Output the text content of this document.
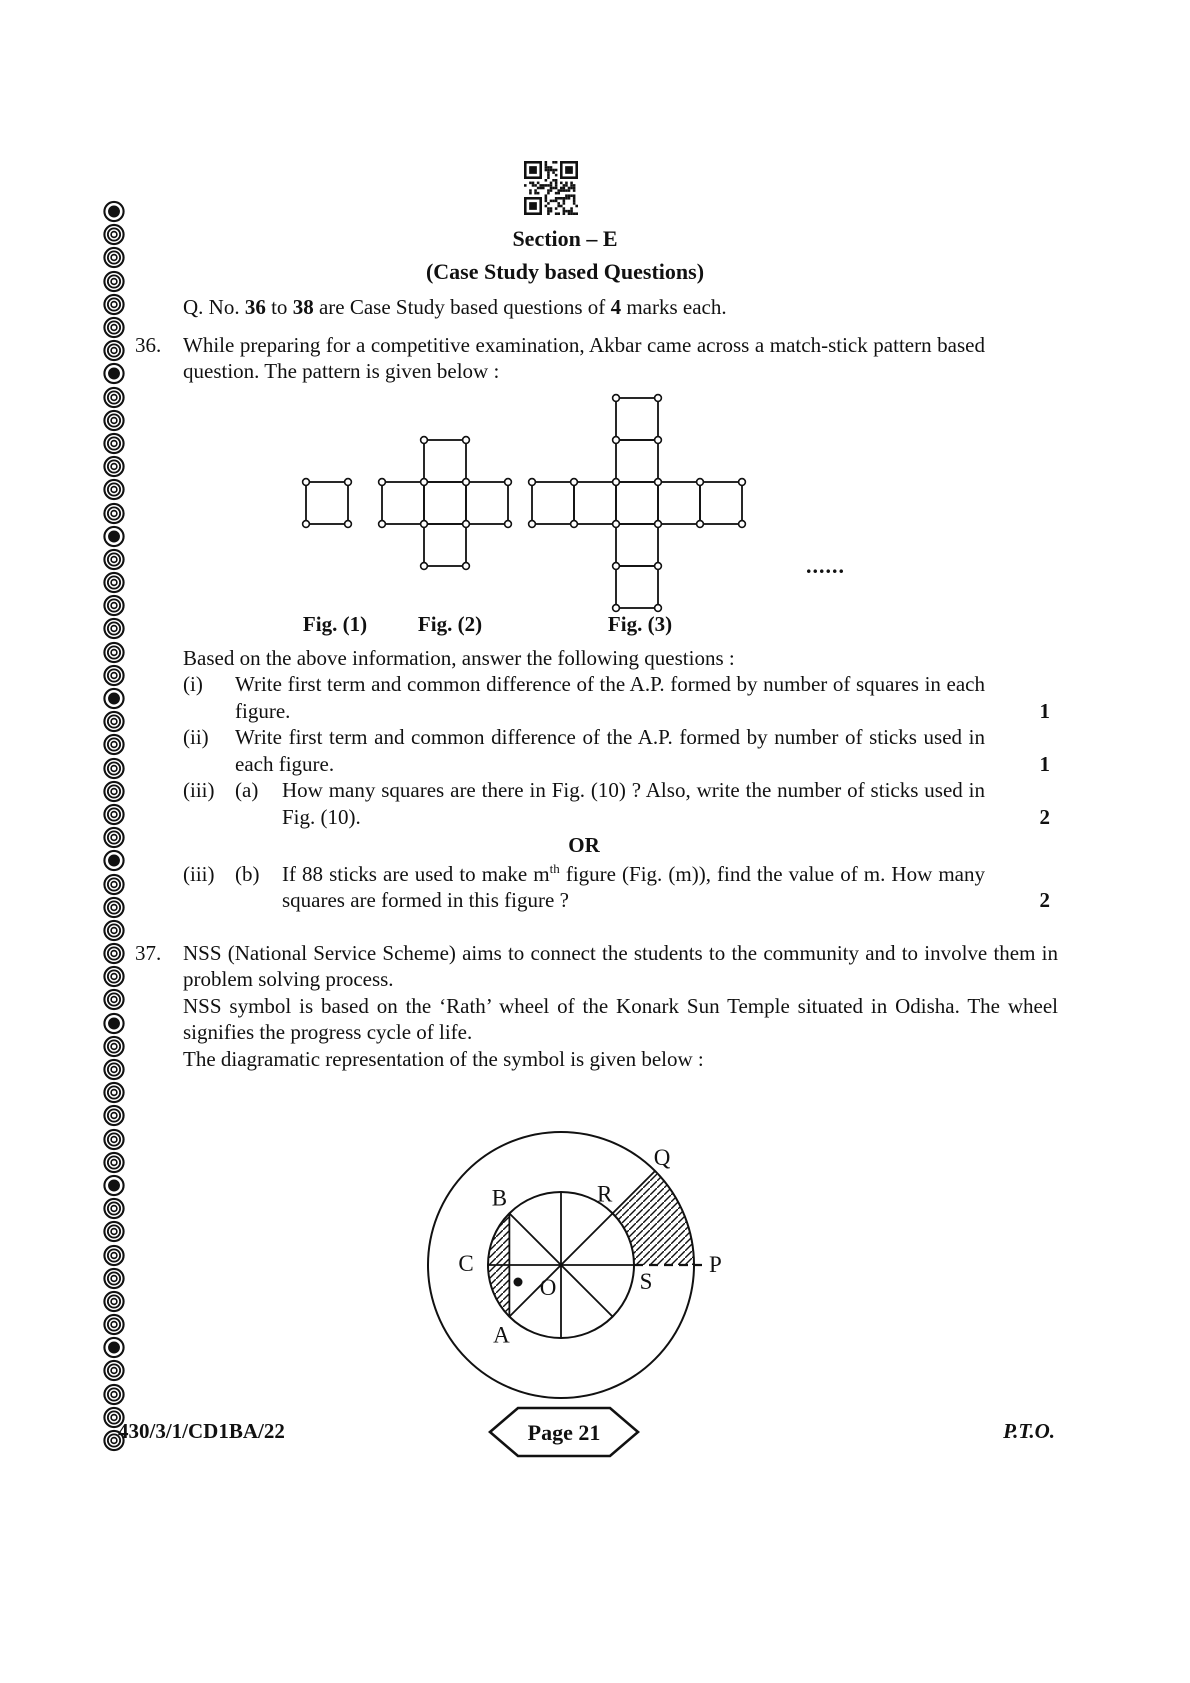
Section – E
(Case Study based Questions)

Q. No. 36 to 38 are Case Study based questions of 4 marks each.

36. While preparing for a competitive examination, Akbar came across a match-stick pattern based question. The pattern is given below :

......
Fig. (1)	Fig. (2)	Fig. (3)

Based on the above information, answer the following questions :

(i)	Write first term and common difference of the A.P. formed by number of squares in each figure.	1
(ii)	Write first term and common difference of the A.P. formed by number of sticks used in each figure.	1
(iii) (a)	How many squares are there in Fig. (10) ? Also, write the number of sticks used in Fig. (10).	2
OR
(iii) (b)	If 88 sticks are used to make $m^{th}$ figure (Fig. (m)), find the value of m. How many squares are formed in this figure ?	2
37. NSS (National Service Scheme) aims to connect the students to the community and to involve them in problem solving process.

NSS symbol is based on the ‘Rath’ wheel of the Konark Sun Temple situated in Odisha. The wheel signifies the progress cycle of life.

The diagramatic representation of the symbol is given below :

B
C
A
R
Q
S
P
O
430/3/1/CD1BA/22	Page 21	P.T.O.
